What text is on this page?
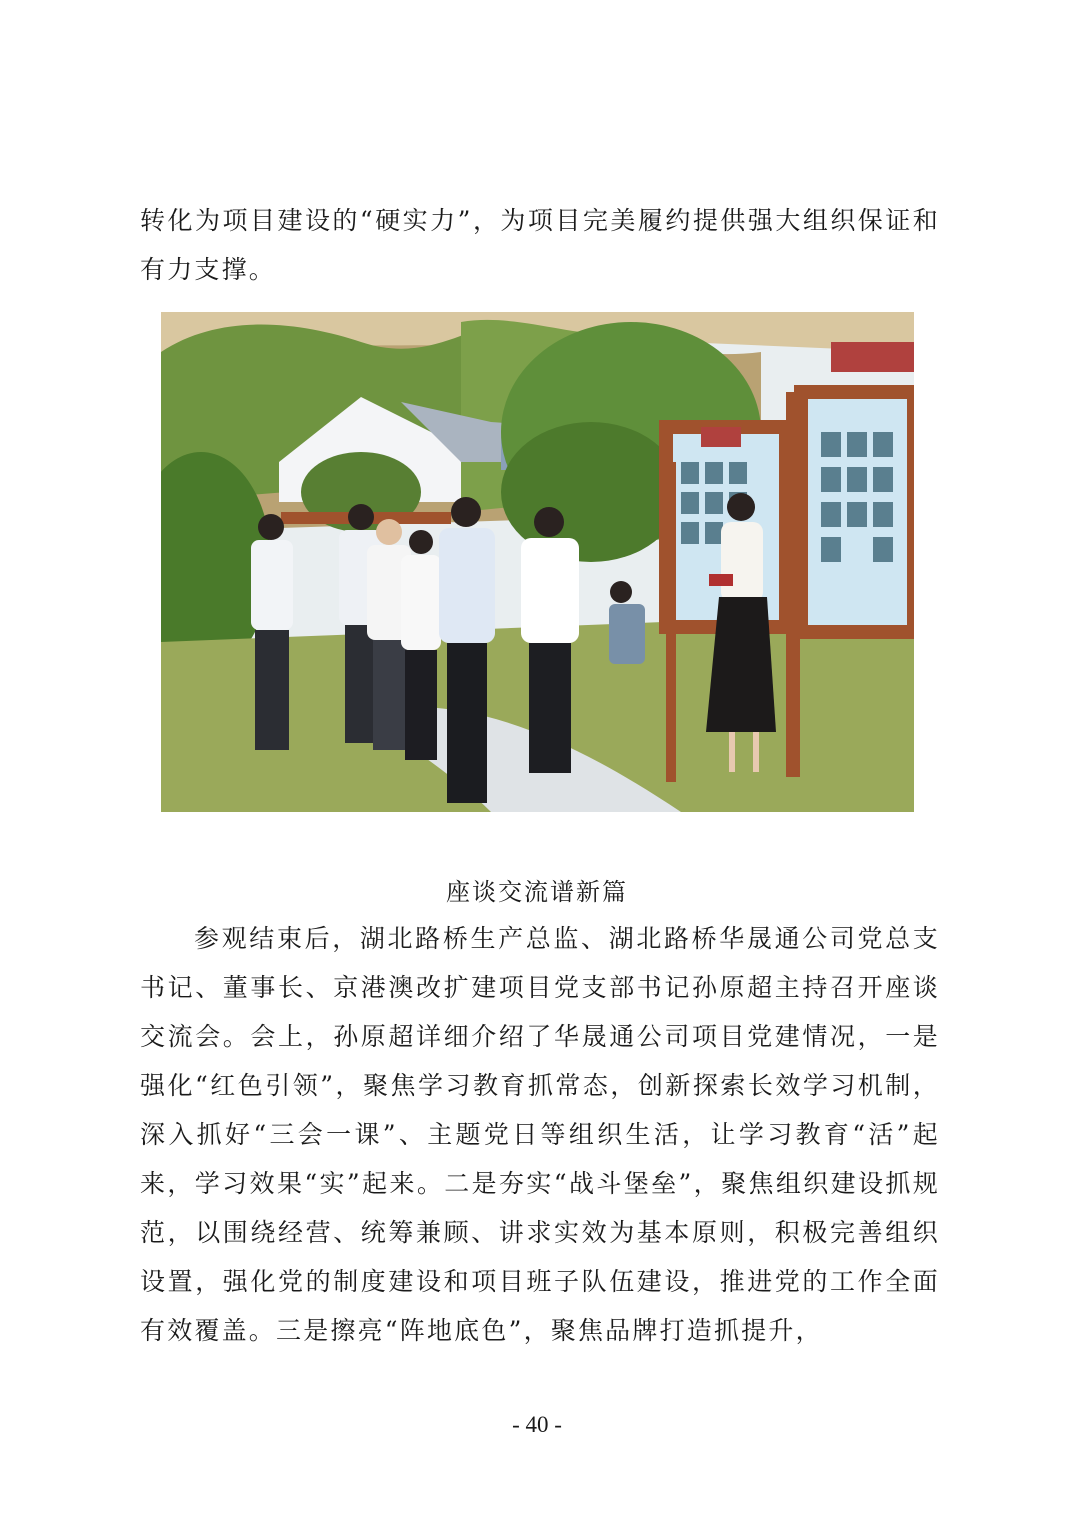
转化为项目建设的“硬实力”，为项目完美履约提供强大组织保证和有力支撑。

座谈交流谱新篇

参观结束后，湖北路桥生产总监、湖北路桥华晟通公司党总支书记、董事长、京港澳改扩建项目党支部书记孙原超主持召开座谈交流会。会上，孙原超详细介绍了华晟通公司项目党建情况，一是强化“红色引领”，聚焦学习教育抓常态，创新探索长效学习机制，深入抓好“三会一课”、主题党日等组织生活，让学习教育“活”起来，学习效果“实”起来。二是夯实“战斗堡垒”，聚焦组织建设抓规范，以围绕经营、统筹兼顾、讲求实效为基本原则，积极完善组织设置，强化党的制度建设和项目班子队伍建设，推进党的工作全面有效覆盖。三是擦亮“阵地底色”，聚焦品牌打造抓提升，

- 40 -
